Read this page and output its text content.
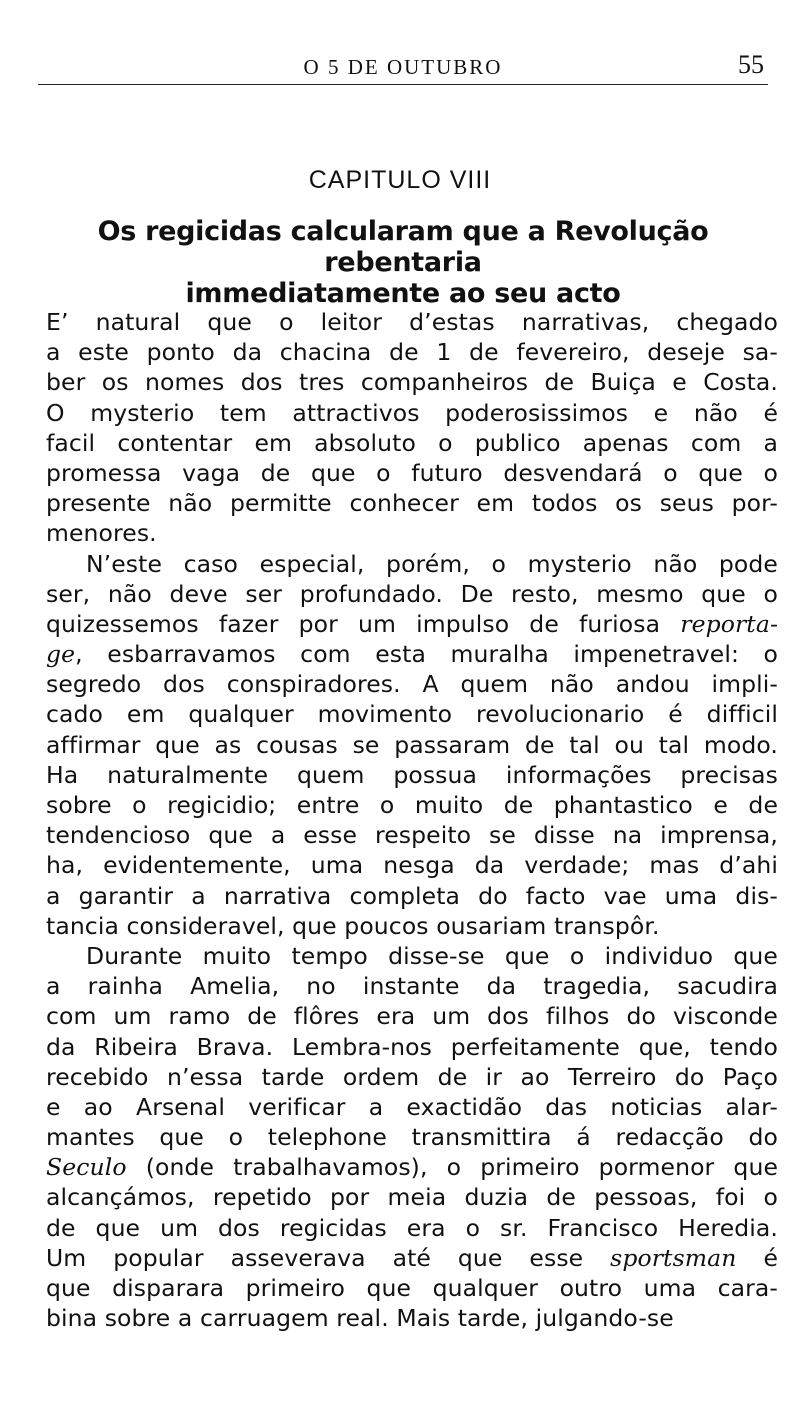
O 5 DE OUTUBRO	55
CAPITULO VIII
Os regicidas calcularam que a Revolução rebentaria
immediatamente ao seu acto
E’ natural que o leitor d’estas narrativas, chegado
a este ponto da chacina de 1 de fevereiro, deseje sa-
ber os nomes dos tres companheiros de Buiça e Costa.
O mysterio tem attractivos poderosissimos e não é
facil contentar em absoluto o publico apenas com a
promessa vaga de que o futuro desvendará o que o
presente não permitte conhecer em todos os seus por-
menores.
N’este caso especial, porém, o mysterio não pode
ser, não deve ser profundado. De resto, mesmo que o
quizessemos fazer por um impulso de furiosa reporta-
ge, esbarravamos com esta muralha impenetravel: o
segredo dos conspiradores. A quem não andou impli-
cado em qualquer movimento revolucionario é difficil
affirmar que as cousas se passaram de tal ou tal modo.
Ha naturalmente quem possua informações precisas
sobre o regicidio; entre o muito de phantastico e de
tendencioso que a esse respeito se disse na imprensa,
ha, evidentemente, uma nesga da verdade; mas d’ahi
a garantir a narrativa completa do facto vae uma dis-
tancia consideravel, que poucos ousariam transpôr.
Durante muito tempo disse-se que o individuo que
a rainha Amelia, no instante da tragedia, sacudira
com um ramo de flôres era um dos filhos do visconde
da Ribeira Brava. Lembra-nos perfeitamente que, tendo
recebido n’essa tarde ordem de ir ao Terreiro do Paço
e ao Arsenal verificar a exactidão das noticias alar-
mantes que o telephone transmittira á redacção do
Seculo (onde trabalhavamos), o primeiro pormenor que
alcançámos, repetido por meia duzia de pessoas, foi o
de que um dos regicidas era o sr. Francisco Heredia.
Um popular asseverava até que esse sportsman é
que disparara primeiro que qualquer outro uma cara-
bina sobre a carruagem real. Mais tarde, julgando-se
